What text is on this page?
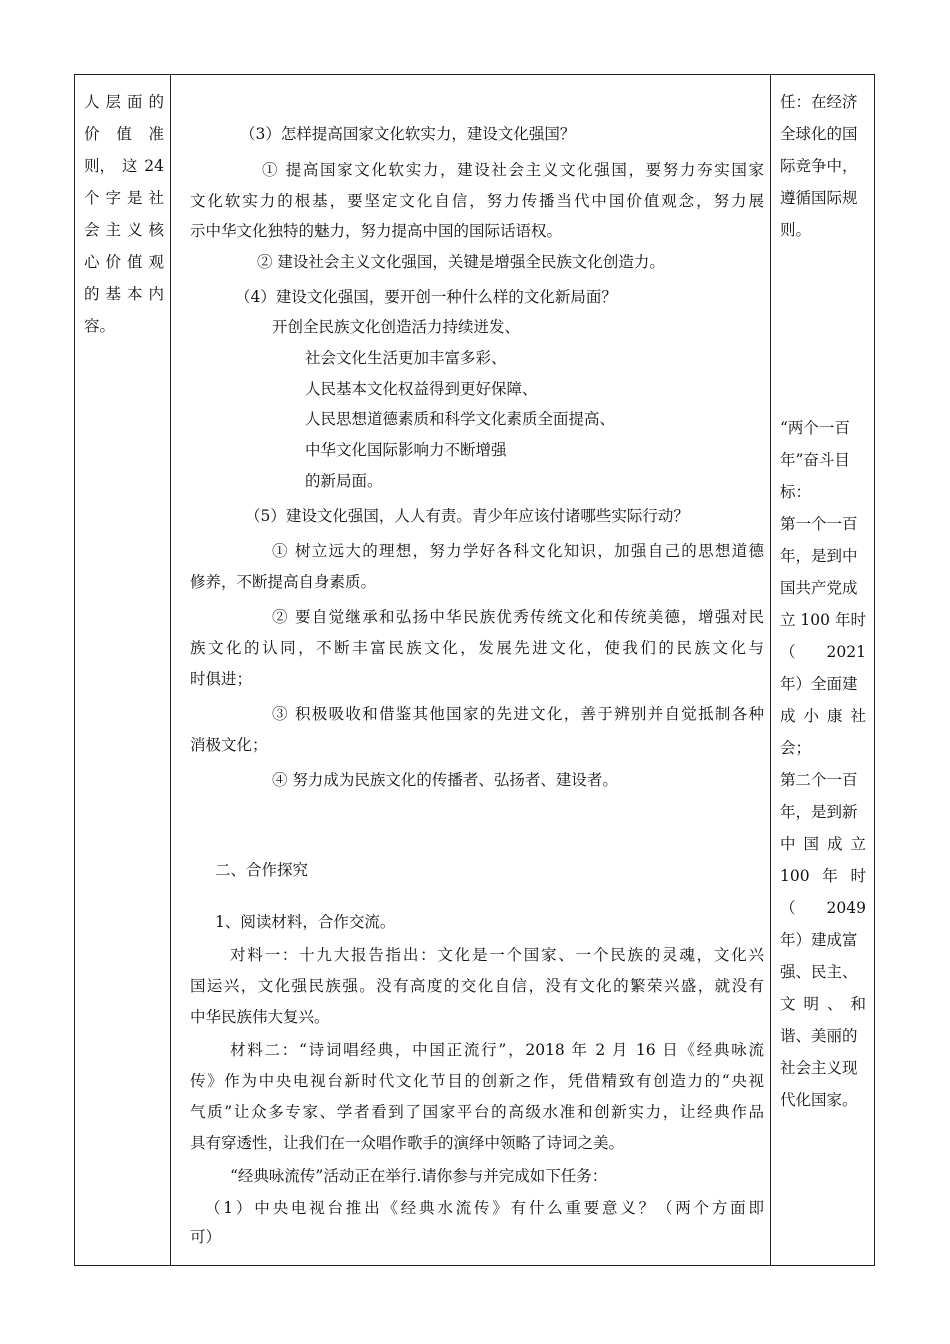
人 层 面 的
价 值 准
则， 这 24
个 字 是 社
会 主 义 核
心 价 值 观
的 基 本 内
容。
任：在经济
全球化的国
际竞争中，
遵循国际规
则。
“两个一百
年”奋斗目
标：
第一个一百
年，是到中
国共产党成
立 100 年时
（ 2021
年）全面建
成 小 康 社
会；
第二个一百
年，是到新
中 国 成 立
100 年 时
（ 2049
年）建成富
强、民主、
文 明 、 和
谐、美丽的
社会主义现
代化国家。
（3）怎样提高国家文化软实力，建设文化强国？
① 提高国家文化软实力，建设社会主义文化强国，要努力夯实国家
文化软实力的根基，要坚定文化自信，努力传播当代中国价值观念，努力展
示中华文化独特的魅力，努力提高中国的国际话语权。
② 建设社会主义文化强国，关键是增强全民族文化创造力。
（4）建设文化强国，要开创一种什么样的文化新局面？
开创全民族文化创造活力持续迸发、
社会文化生活更加丰富多彩、
人民基本文化权益得到更好保障、
人民思想道德素质和科学文化素质全面提高、
中华文化国际影响力不断增强
的新局面。
（5）建设文化强国，人人有责。青少年应该付诸哪些实际行动？
① 树立远大的理想，努力学好各科文化知识，加强自己的思想道德
修养，不断提高自身素质。
② 要自觉继承和弘扬中华民族优秀传统文化和传统美德，增强对民
族文化的认同，不断丰富民族文化，发展先进文化，使我们的民族文化与
时俱进；
③ 积极吸收和借鉴其他国家的先进文化，善于辨别并自觉抵制各种
消极文化；
④ 努力成为民族文化的传播者、弘扬者、建设者。
二、合作探究
1、阅读材料，合作交流。
对料一：十九大报告指出：文化是一个国家、一个民族的灵魂，文化兴
国运兴，文化强民族强。没有高度的交化自信，没有文化的繁荣兴盛，就没有
中华民族伟大复兴。
材料二：“诗词唱经典，中国正流行”，2018 年 2 月 16 日《经典咏流
传》作为中央电视台新时代文化节目的创新之作，凭借精致有创造力的“央视
气质”让众多专家、学者看到了国家平台的高级水准和创新实力，让经典作品
具有穿透性，让我们在一众唱作歌手的演绎中领略了诗词之美。
“经典咏流传”活动正在举行.请你参与并完成如下任务：
（1）中央电视台推出《经典水流传》有什么重要意义？（两个方面即
可）
